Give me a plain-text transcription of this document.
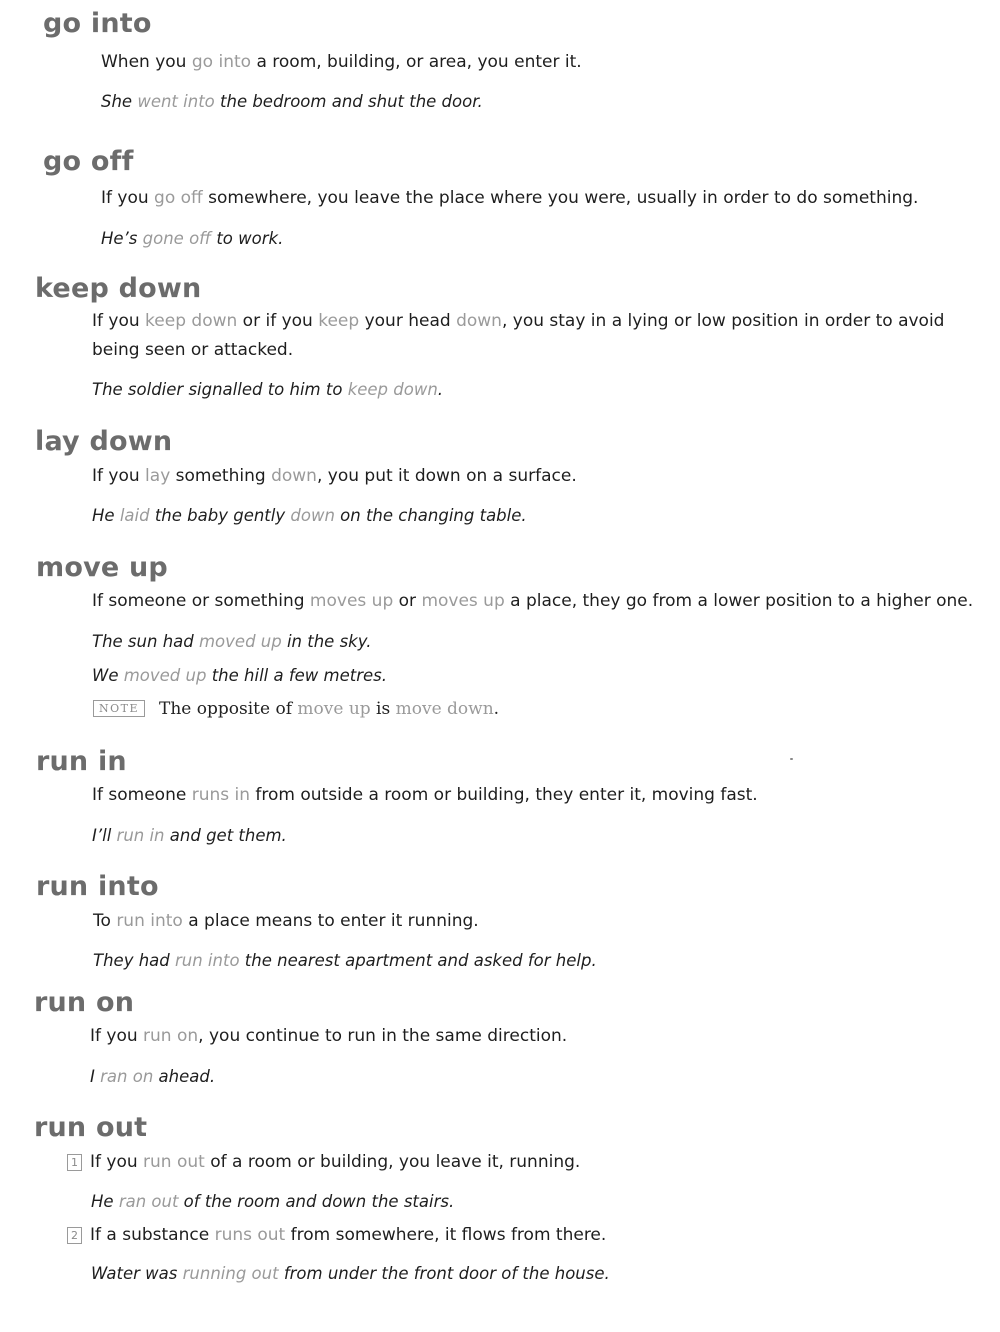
go into

When you go into a room, building, or area, you enter it.

She went into the bedroom and shut the door.

go off

If you go off somewhere, you leave the place where you were, usually in order to do something.

He’s gone off to work.

keep down

If you keep down or if you keep your head down, you stay in a lying or low position in order to avoid being seen or attacked.

The soldier signalled to him to keep down.

lay down

If you lay something down, you put it down on a surface.

He laid the baby gently down on the changing table.

move up

If someone or something moves up or moves up a place, they go from a lower position to a higher one.

The sun had moved up in the sky.

We moved up the hill a few metres.

NOTE The opposite of move up is move down.

run in

If someone runs in from outside a room or building, they enter it, moving fast.

I’ll run in and get them.

run into

To run into a place means to enter it running.

They had run into the nearest apartment and asked for help.

run on

If you run on, you continue to run in the same direction.

I ran on ahead.

run out

1 If you run out of a room or building, you leave it, running.

He ran out of the room and down the stairs.

2 If a substance runs out from somewhere, it flows from there.

Water was running out from under the front door of the house.
